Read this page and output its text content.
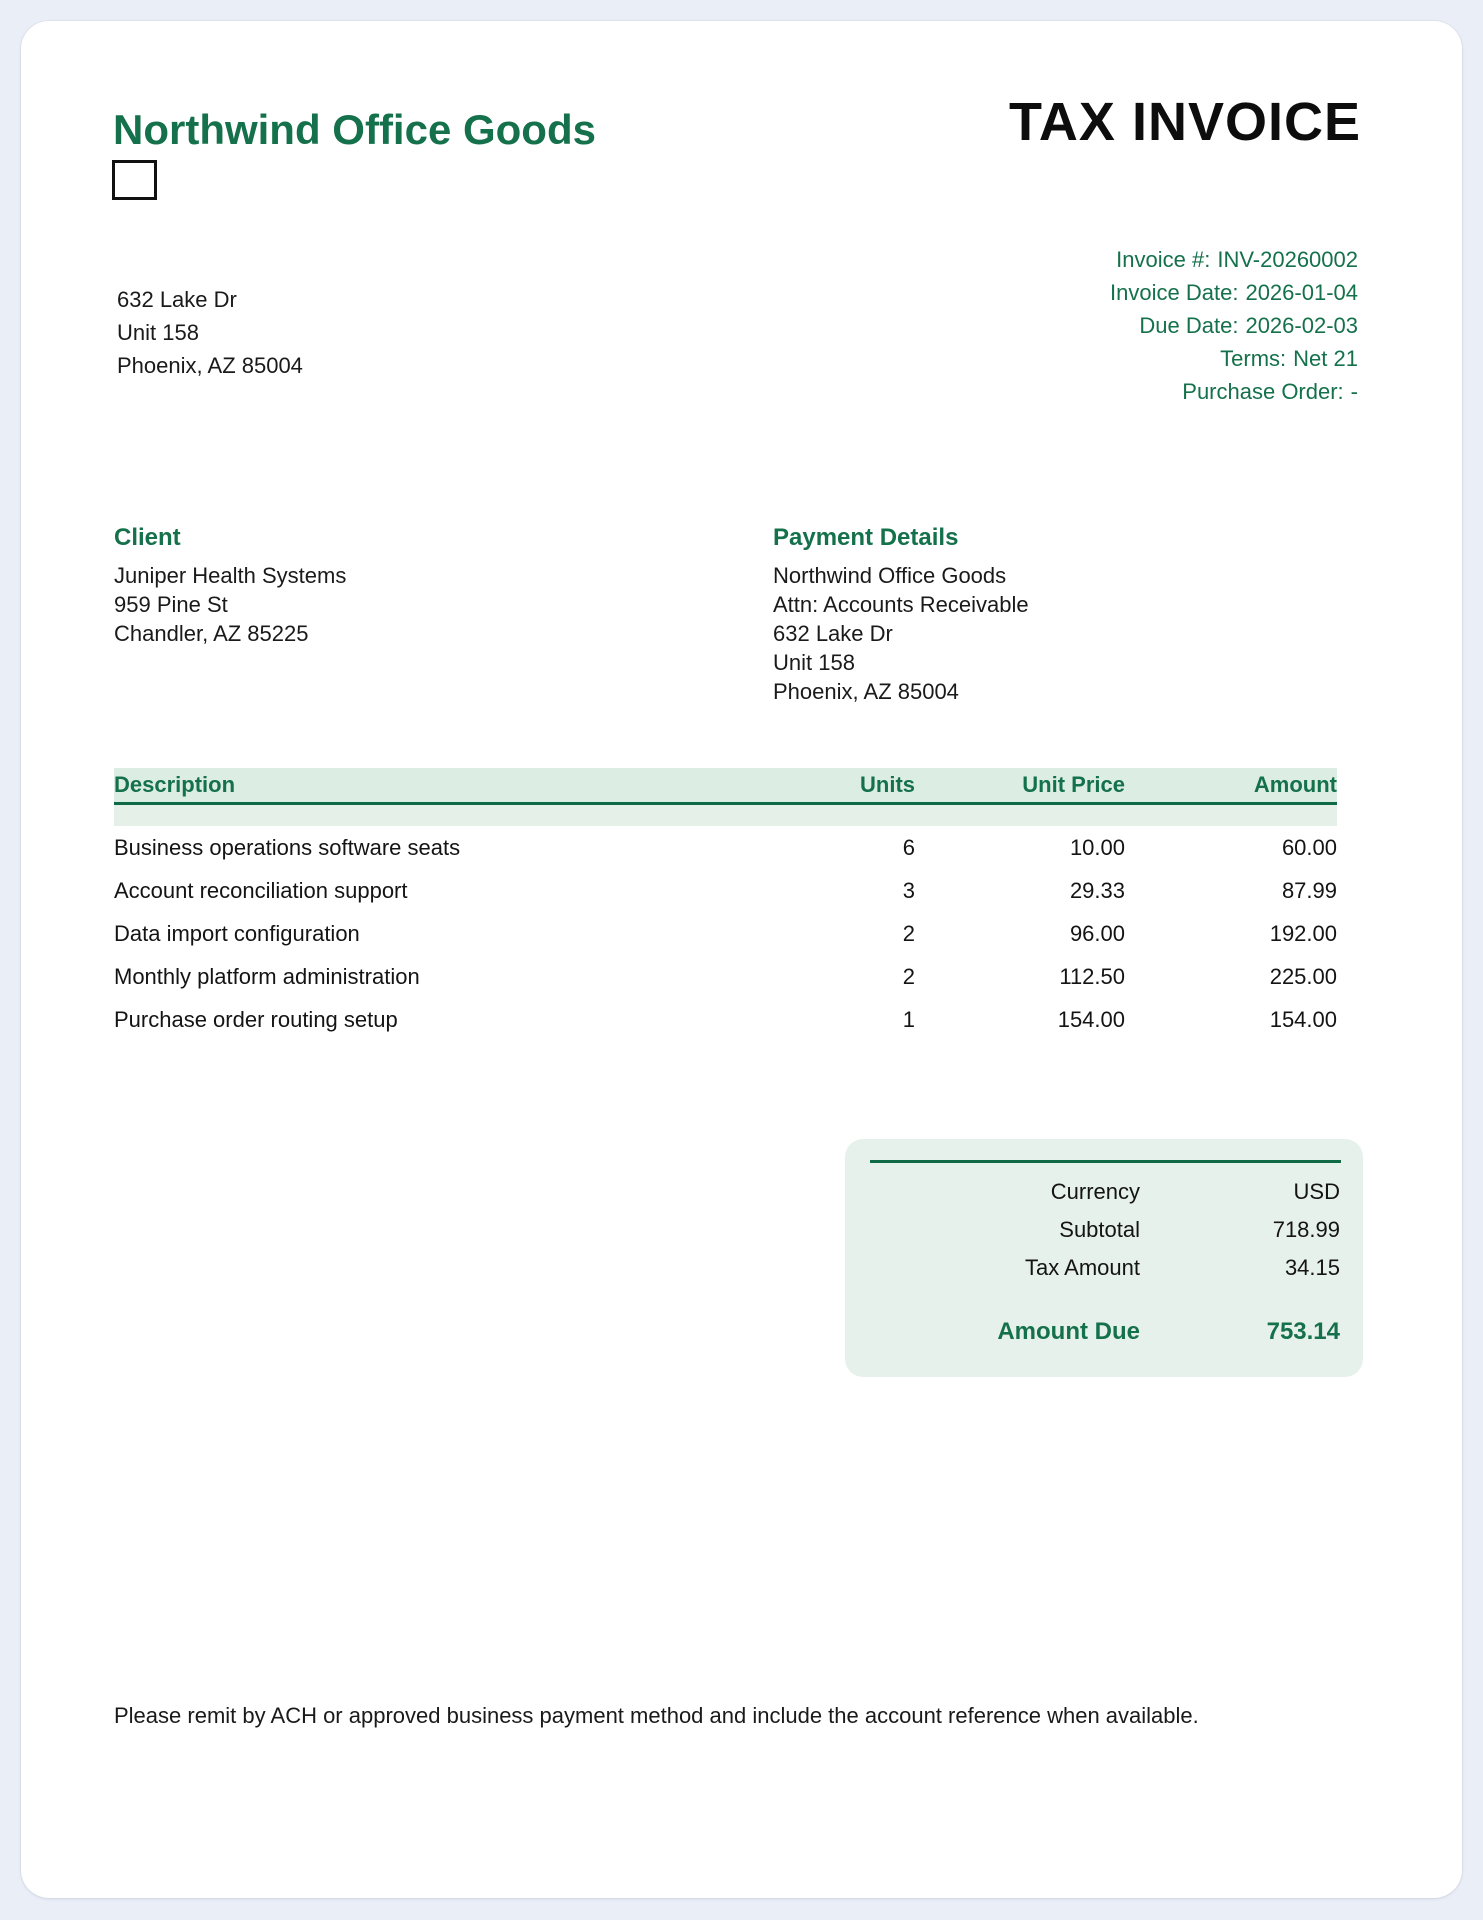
Northwind Office Goods	TAX INVOICE
632 Lake Dr
Unit 158
Phoenix, AZ 85004
Invoice #: INV-20260002
Invoice Date: 2026-01-04
Due Date: 2026-02-03
Terms: Net 21
Purchase Order: -
Client
Juniper Health Systems
959 Pine St
Chandler, AZ 85225
Payment Details
Northwind Office Goods
Attn: Accounts Receivable
632 Lake Dr
Unit 158
Phoenix, AZ 85004
Description	Units	Unit Price	Amount
Business operations software seats	6	10.00	60.00
Account reconciliation support	3	29.33	87.99
Data import configuration	2	96.00	192.00
Monthly platform administration	2	112.50	225.00
Purchase order routing setup	1	154.00	154.00
Currency	USD
Subtotal	718.99
Tax Amount	34.15
Amount Due	753.14
Please remit by ACH or approved business payment method and include the account reference when available.
